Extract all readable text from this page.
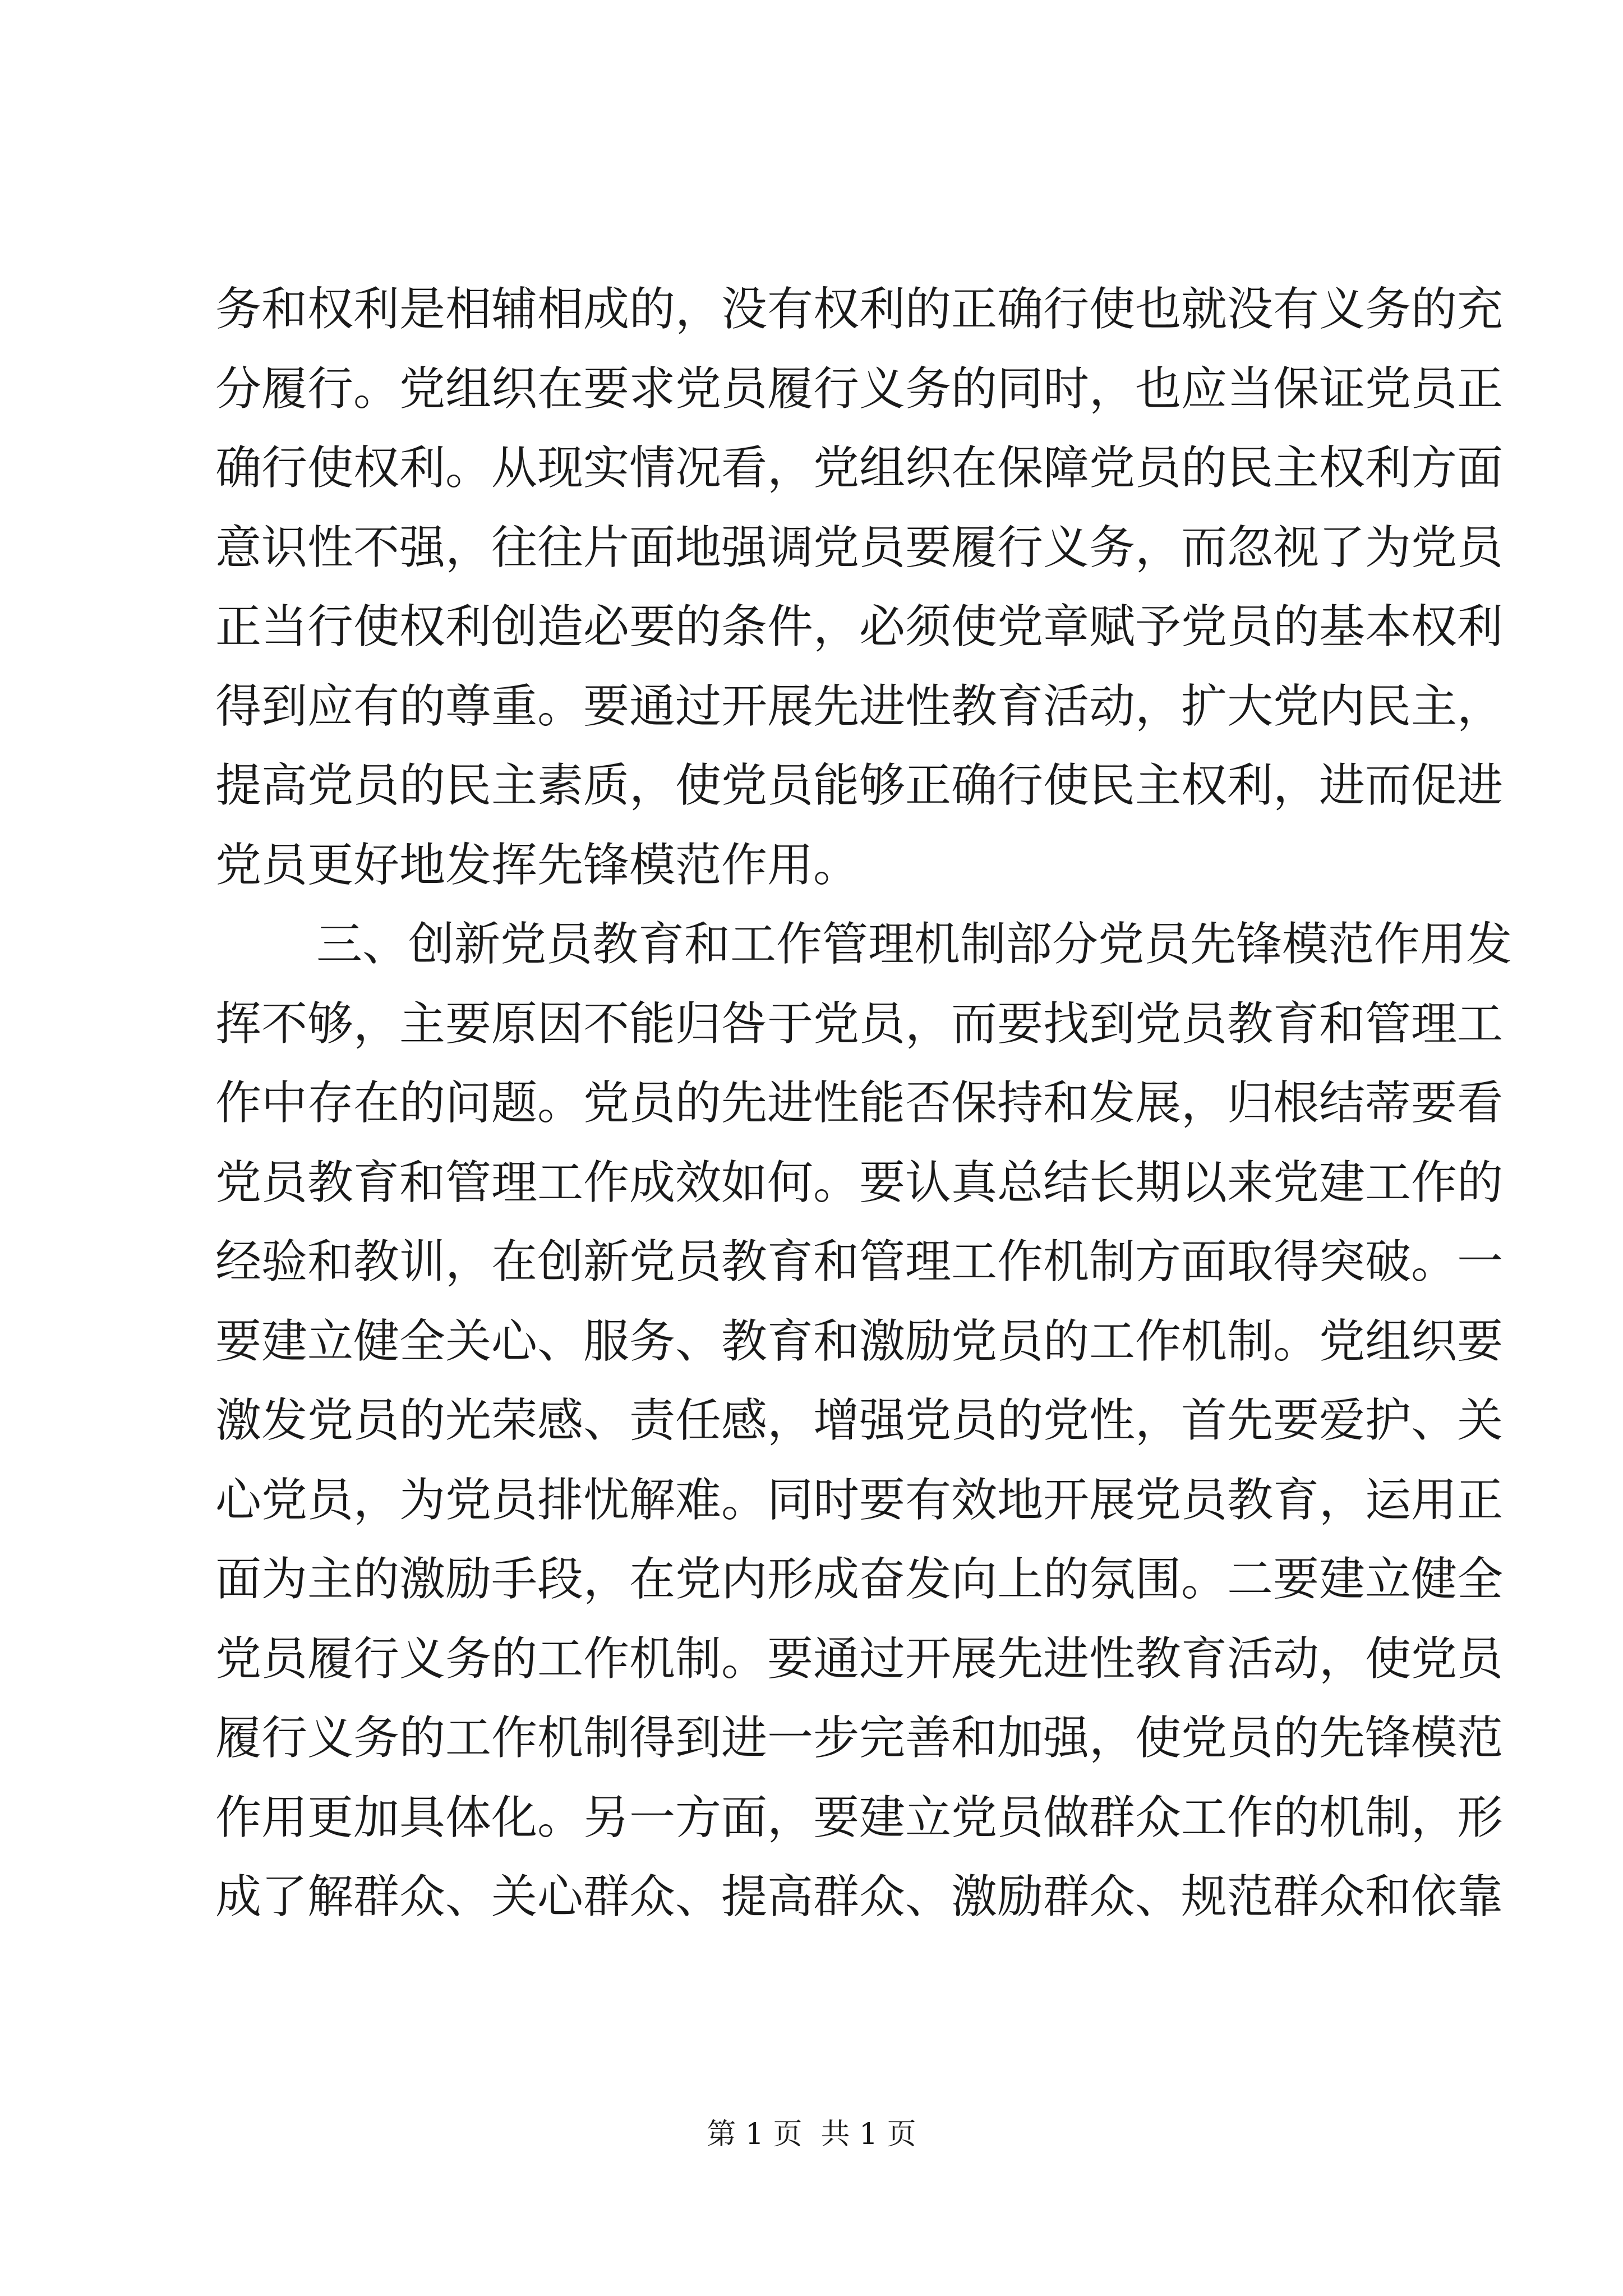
务和权利是相辅相成的，没有权利的正确行使也就没有义务的充
分履行。党组织在要求党员履行义务的同时，也应当保证党员正
确行使权利。从现实情况看，党组织在保障党员的民主权利方面
意识性不强，往往片面地强调党员要履行义务，而忽视了为党员
正当行使权利创造必要的条件，必须使党章赋予党员的基本权利
得到应有的尊重。要通过开展先进性教育活动，扩大党内民主，
提高党员的民主素质，使党员能够正确行使民主权利，进而促进
党员更好地发挥先锋模范作用。
三、创新党员教育和工作管理机制部分党员先锋模范作用发
挥不够，主要原因不能归咎于党员，而要找到党员教育和管理工
作中存在的问题。党员的先进性能否保持和发展，归根结蒂要看
党员教育和管理工作成效如何。要认真总结长期以来党建工作的
经验和教训，在创新党员教育和管理工作机制方面取得突破。一
要建立健全关心、服务、教育和激励党员的工作机制。党组织要
激发党员的光荣感、责任感，增强党员的党性，首先要爱护、关
心党员，为党员排忧解难。同时要有效地开展党员教育，运用正
面为主的激励手段，在党内形成奋发向上的氛围。二要建立健全
党员履行义务的工作机制。要通过开展先进性教育活动，使党员
履行义务的工作机制得到进一步完善和加强，使党员的先锋模范
作用更加具体化。另一方面，要建立党员做群众工作的机制，形
成了解群众、关心群众、提高群众、激励群众、规范群众和依靠
第 1 页  共 1 页
